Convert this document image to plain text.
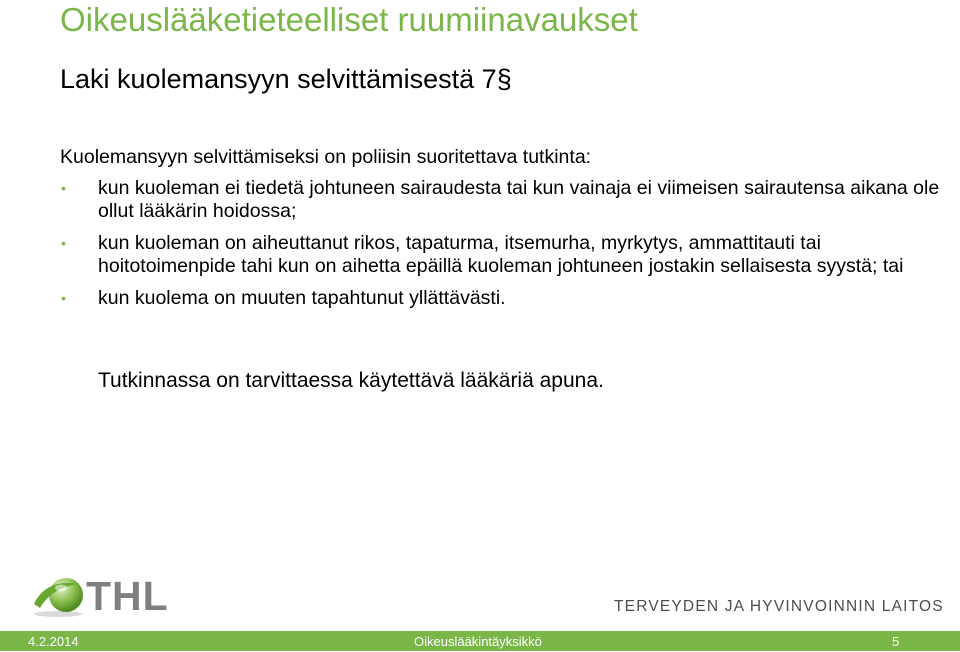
Oikeuslääketieteelliset ruumiinavaukset
Laki kuolemansyyn selvittämisestä 7§

Kuolemansyyn selvittämiseksi on poliisin suoritettava tutkinta:

• kun kuoleman ei tiedetä johtuneen sairaudesta tai kun vainaja ei viimeisen sairautensa aikana ole ollut lääkärin hoidossa;
• kun kuoleman on aiheuttanut rikos, tapaturma, itsemurha, myrkytys, ammattitauti tai hoitotoimenpide tahi kun on aihetta epäillä kuoleman johtuneen jostakin sellaisesta syystä; tai
• kun kuolema on muuten tapahtunut yllättävästi.

Tutkinnassa on tarvittaessa käytettävä lääkäriä apuna.

THL	TERVEYDEN JA HYVINVOINNIN LAITOS
4.2.2014	Oikeuslääkintäyksikkö	5
